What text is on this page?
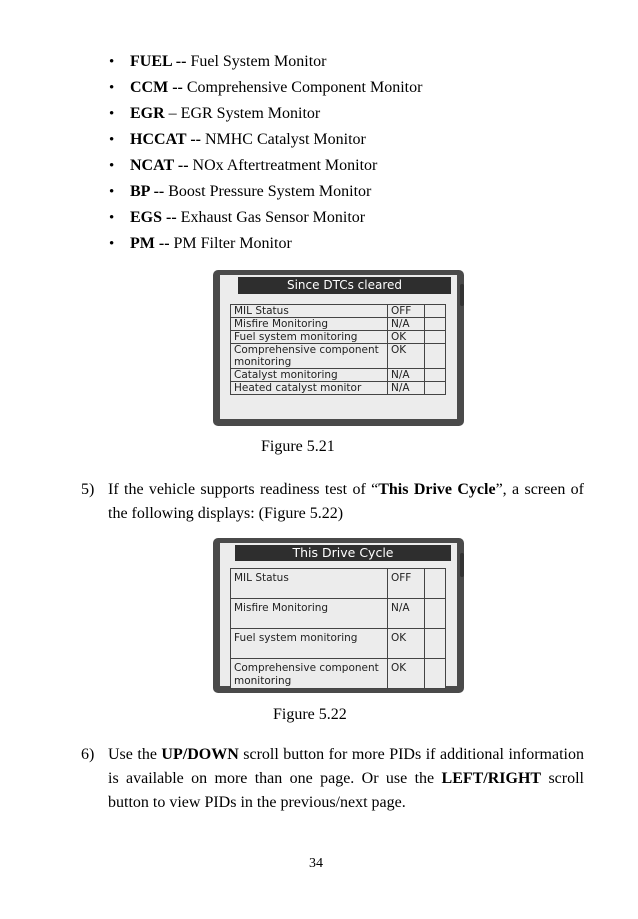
• FUEL -- Fuel System Monitor
• CCM -- Comprehensive Component Monitor
• EGR – EGR System Monitor
• HCCAT -- NMHC Catalyst Monitor
• NCAT -- NOx Aftertreatment Monitor
• BP -- Boost Pressure System Monitor
• EGS -- Exhaust Gas Sensor Monitor
• PM -- PM Filter Monitor
Since DTCs cleared
MIL Status	OFF	
Misfire Monitoring	N/A	
Fuel system monitoring	OK	
Comprehensive component monitoring	OK	
Catalyst monitoring	N/A	
Heated catalyst monitor	N/A	
Figure 5.21
5) If the vehicle supports readiness test of “This Drive Cycle”, a screen of the following displays: (Figure 5.22)
This Drive Cycle
MIL Status	OFF	
Misfire Monitoring	N/A	
Fuel system monitoring	OK	
Comprehensive component monitoring	OK	
Figure 5.22
6) Use the UP/DOWN scroll button for more PIDs if additional information is available on more than one page. Or use the LEFT/RIGHT scroll button to view PIDs in the previous/next page.
34
